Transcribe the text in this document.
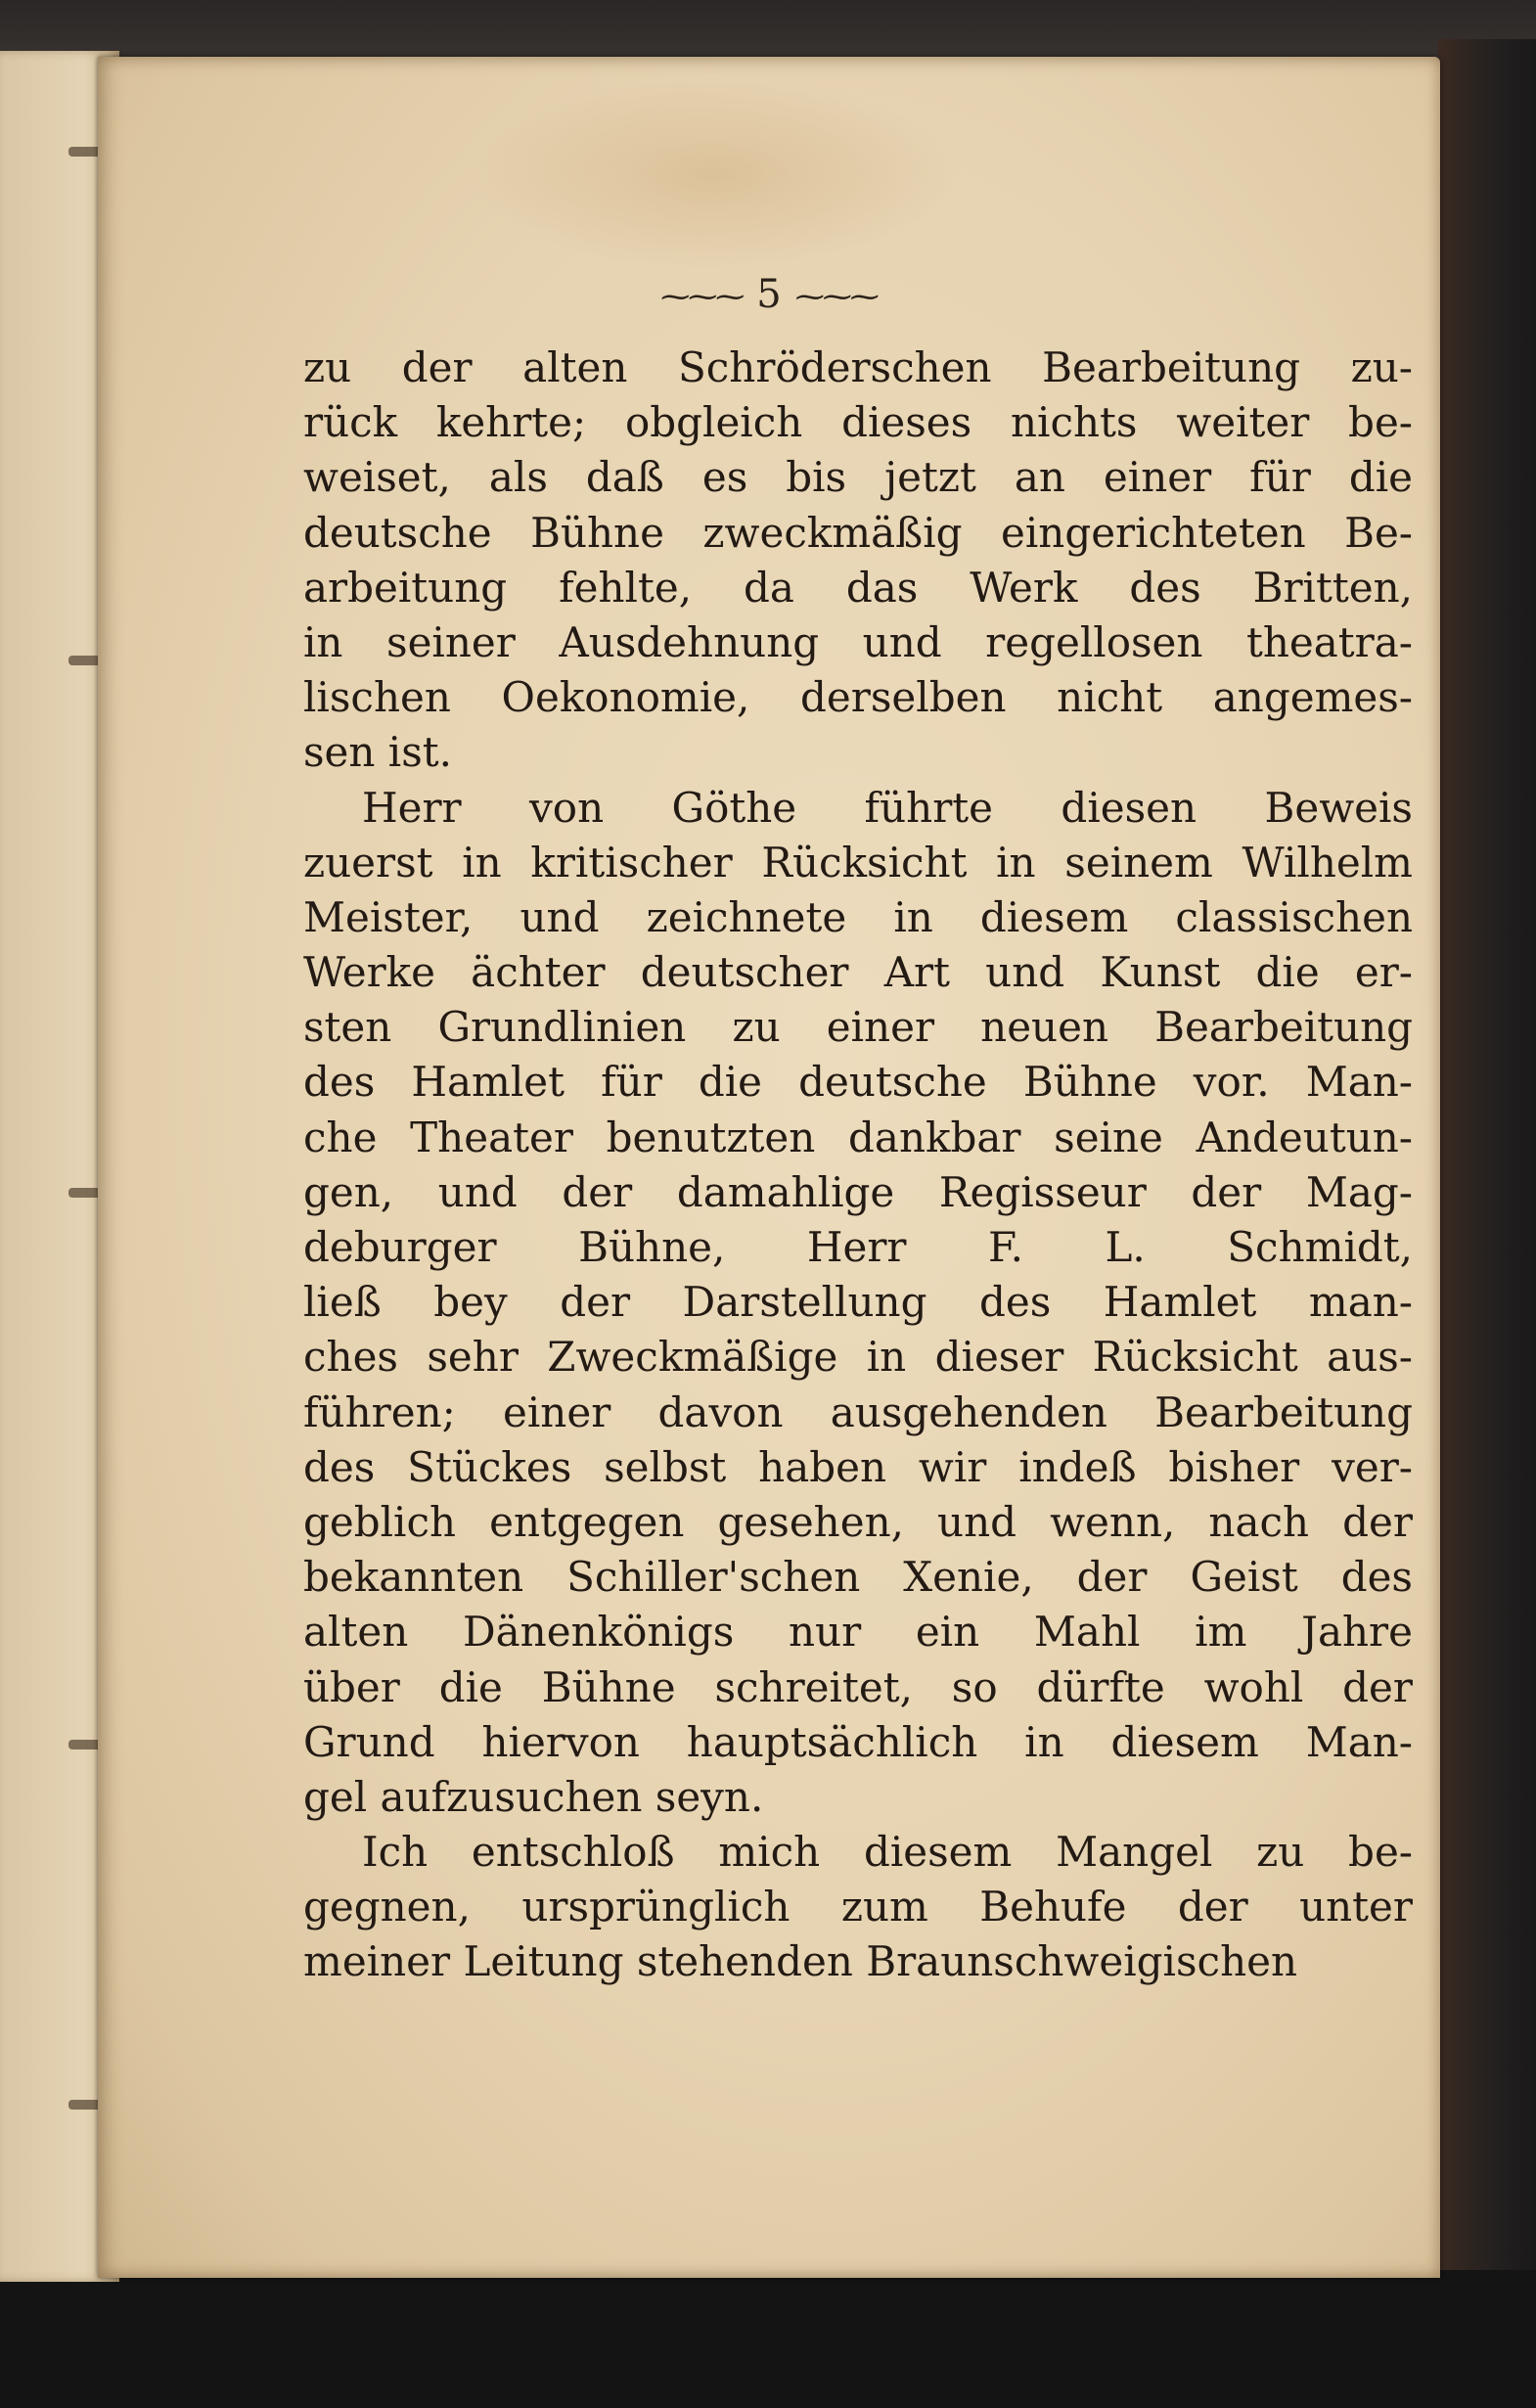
⁓⁓⁓ 5 ⁓⁓⁓
zu der alten Schröderschen Bearbeitung zu-
rück kehrte; obgleich dieses nichts weiter be-
weiset, als daß es bis jetzt an einer für die
deutsche Bühne zweckmäßig eingerichteten Be-
arbeitung fehlte, da das Werk des Britten,
in seiner Ausdehnung und regellosen theatra-
lischen Oekonomie, derselben nicht angemes-
sen ist.
Herr von Göthe führte diesen Beweis
zuerst in kritischer Rücksicht in seinem Wilhelm
Meister, und zeichnete in diesem classischen
Werke ächter deutscher Art und Kunst die er-
sten Grundlinien zu einer neuen Bearbeitung
des Hamlet für die deutsche Bühne vor. Man-
che Theater benutzten dankbar seine Andeutun-
gen, und der damahlige Regisseur der Mag-
deburger Bühne, Herr F. L. Schmidt,
ließ bey der Darstellung des Hamlet man-
ches sehr Zweckmäßige in dieser Rücksicht aus-
führen; einer davon ausgehenden Bearbeitung
des Stückes selbst haben wir indeß bisher ver-
geblich entgegen gesehen, und wenn, nach der
bekannten Schiller'schen Xenie, der Geist des
alten Dänenkönigs nur ein Mahl im Jahre
über die Bühne schreitet, so dürfte wohl der
Grund hiervon hauptsächlich in diesem Man-
gel aufzusuchen seyn.
Ich entschloß mich diesem Mangel zu be-
gegnen, ursprünglich zum Behufe der unter
meiner Leitung stehenden Braunschweigischen
